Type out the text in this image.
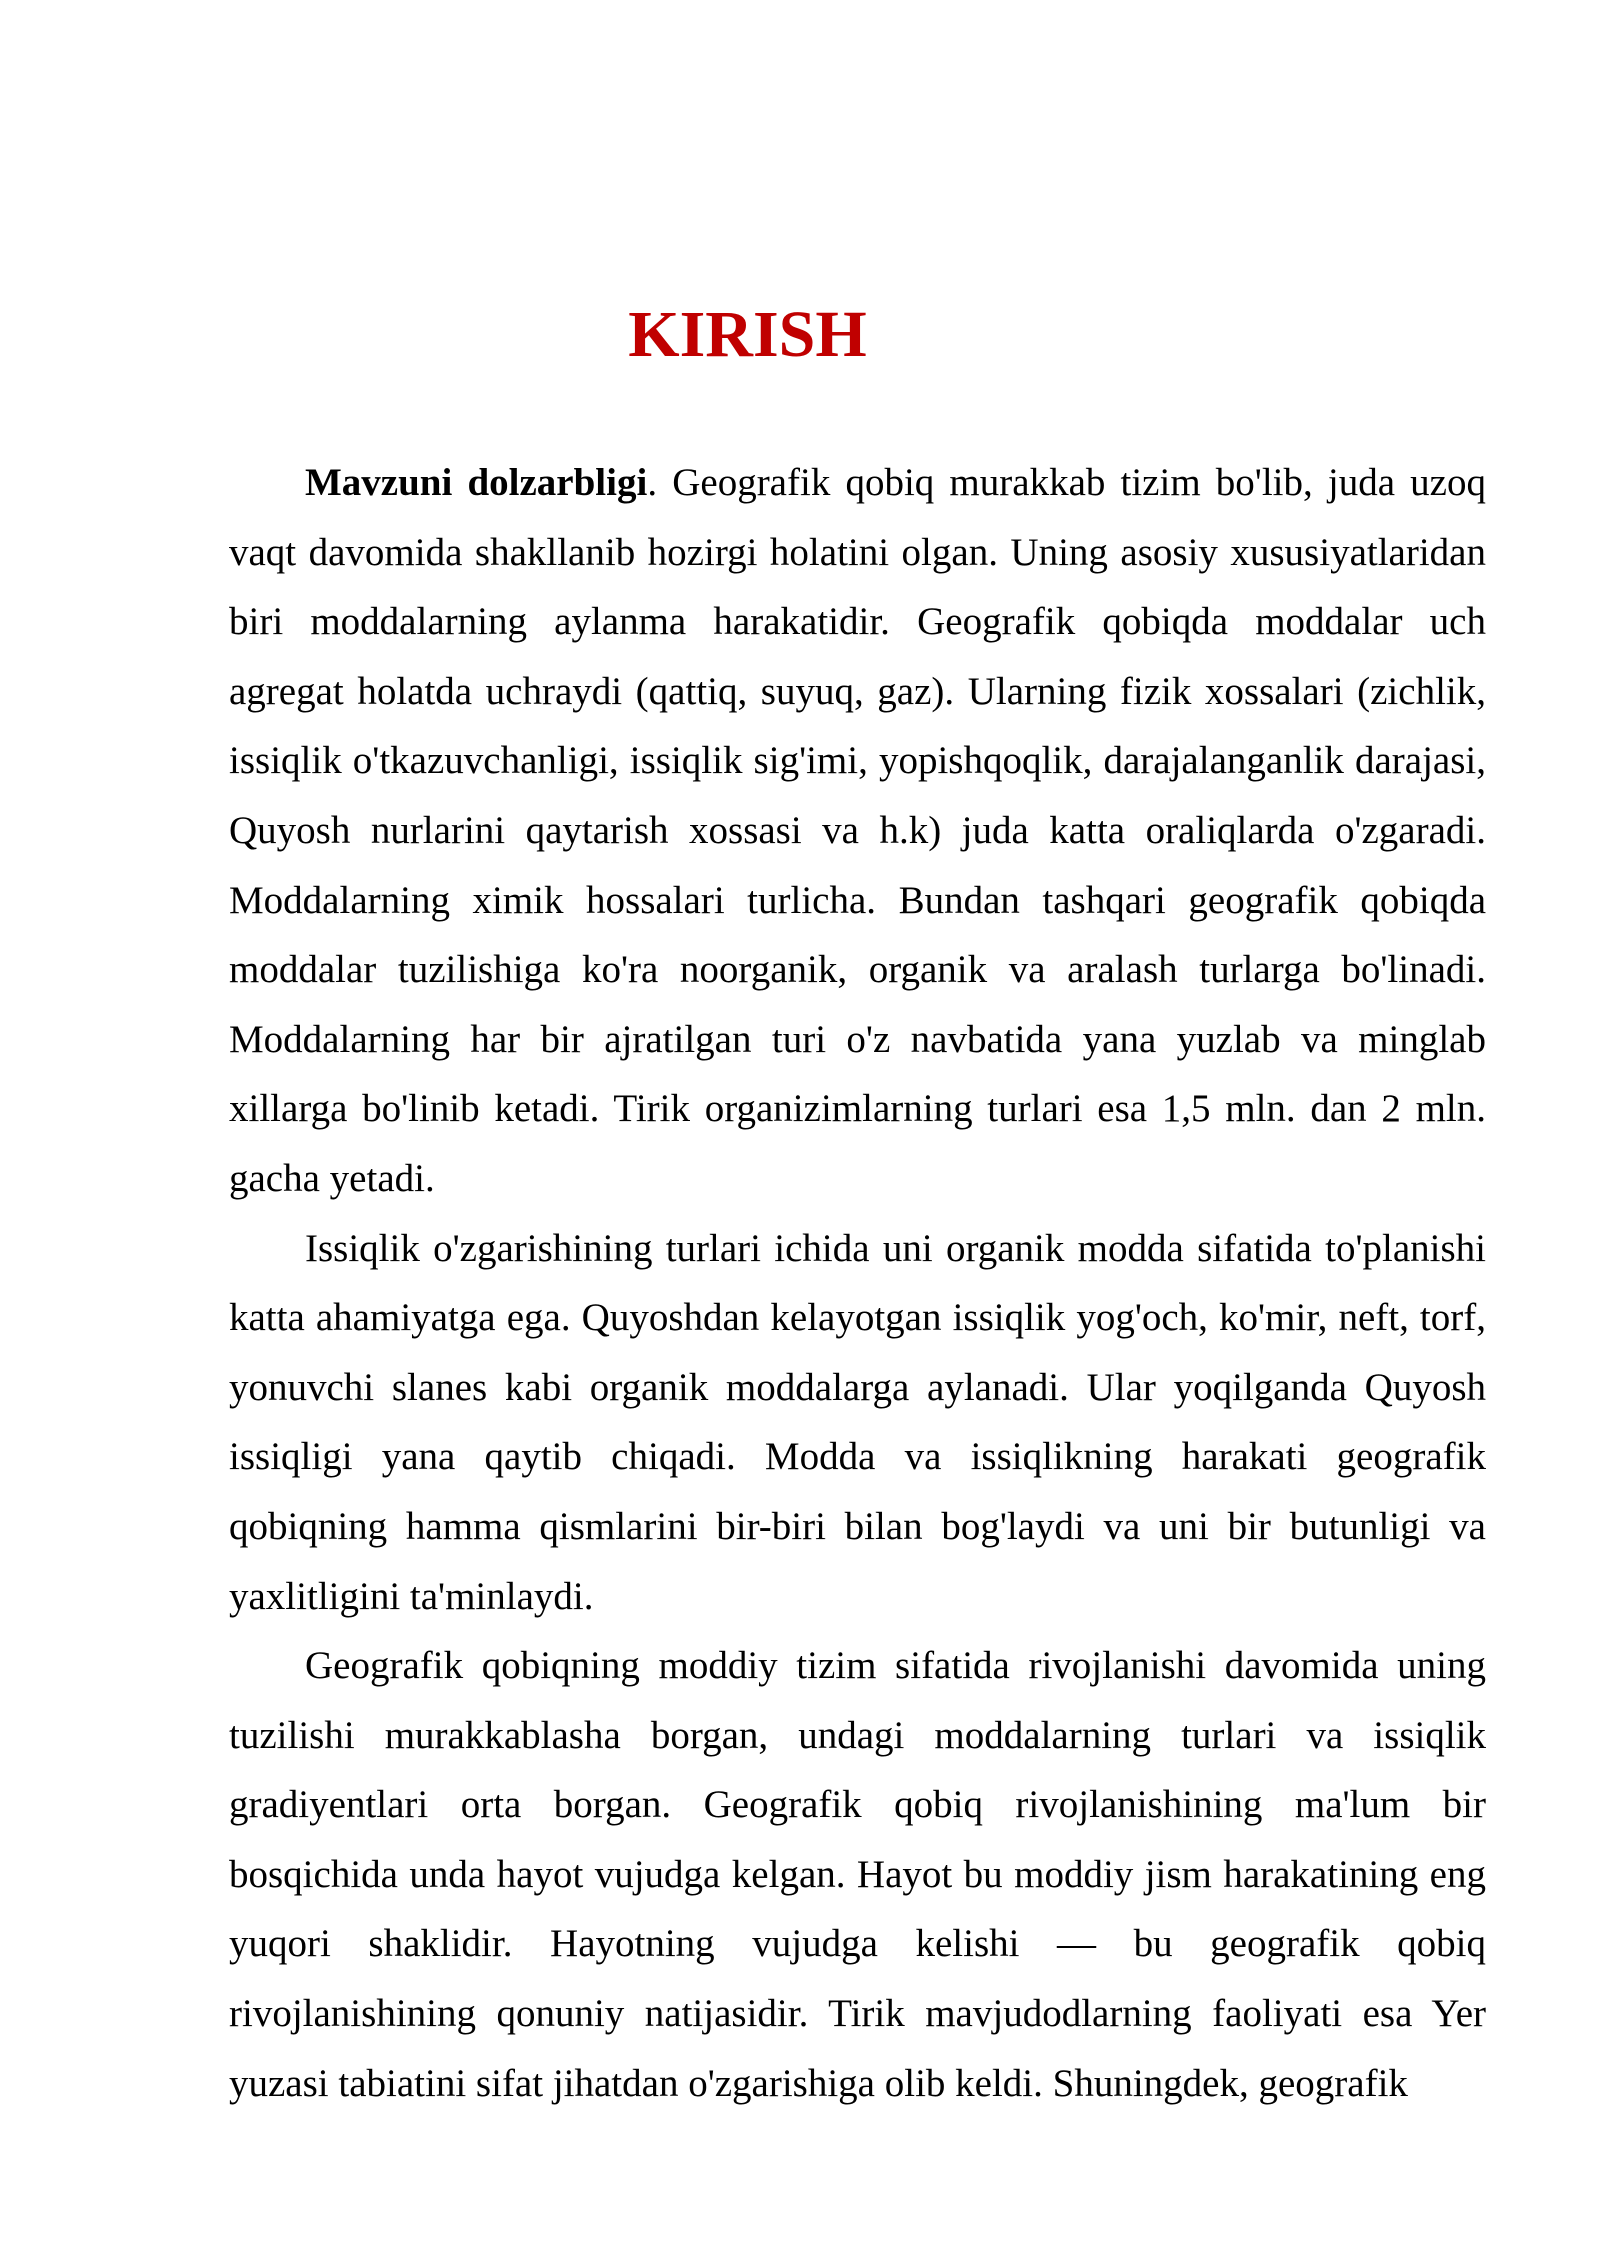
KIRISH

Mavzuni dolzarbligi. Geografik qobiq murakkab tizim bo'lib, juda uzoq vaqt davomida shakllanib hozirgi holatini olgan. Uning asosiy xususiyatlaridan biri moddalarning aylanma harakatidir. Geografik qobiqda moddalar uch agregat holatda uchraydi (qattiq, suyuq, gaz). Ularning fizik xossalari (zichlik, issiqlik o'tkazuvchanligi, issiqlik sig'imi, yopishqoqlik, darajalanganlik darajasi, Quyosh nurlarini qaytarish xossasi va h.k) juda katta oraliqlarda o'zgaradi. Moddalarning ximik hossalari turlicha. Bundan tashqari geografik qobiqda moddalar tuzilishiga ko'ra noorganik, organik va aralash turlarga bo'linadi. Moddalarning har bir ajratilgan turi o'z navbatida yana yuzlab va minglab xillarga bo'linib ketadi. Tirik organizimlarning turlari esa 1,5 mln. dan 2 mln. gacha yetadi.

Issiqlik o'zgarishining turlari ichida uni organik modda sifatida to'planishi katta ahamiyatga ega. Quyoshdan kelayotgan issiqlik yog'och, ko'mir, neft, torf, yonuvchi slanes kabi organik moddalarga aylanadi. Ular yoqilganda Quyosh issiqligi yana qaytib chiqadi. Modda va issiqlikning harakati geografik qobiqning hamma qismlarini bir-biri bilan bog'laydi va uni bir butunligi va yaxlitligini ta'minlaydi.

Geografik qobiqning moddiy tizim sifatida rivojlanishi davomida uning tuzilishi murakkablasha borgan, undagi moddalarning turlari va issiqlik gradiyentlari orta borgan. Geografik qobiq rivojlanishining ma'lum bir bosqichida unda hayot vujudga kelgan. Hayot bu moddiy jism harakatining eng yuqori shaklidir. Hayotning vujudga kelishi — bu geografik qobiq rivojlanishining qonuniy natijasidir. Tirik mavjudodlarning faoliyati esa Yer yuzasi tabiatini sifat jihatdan o'zgarishiga olib keldi. Shuningdek, geografik
